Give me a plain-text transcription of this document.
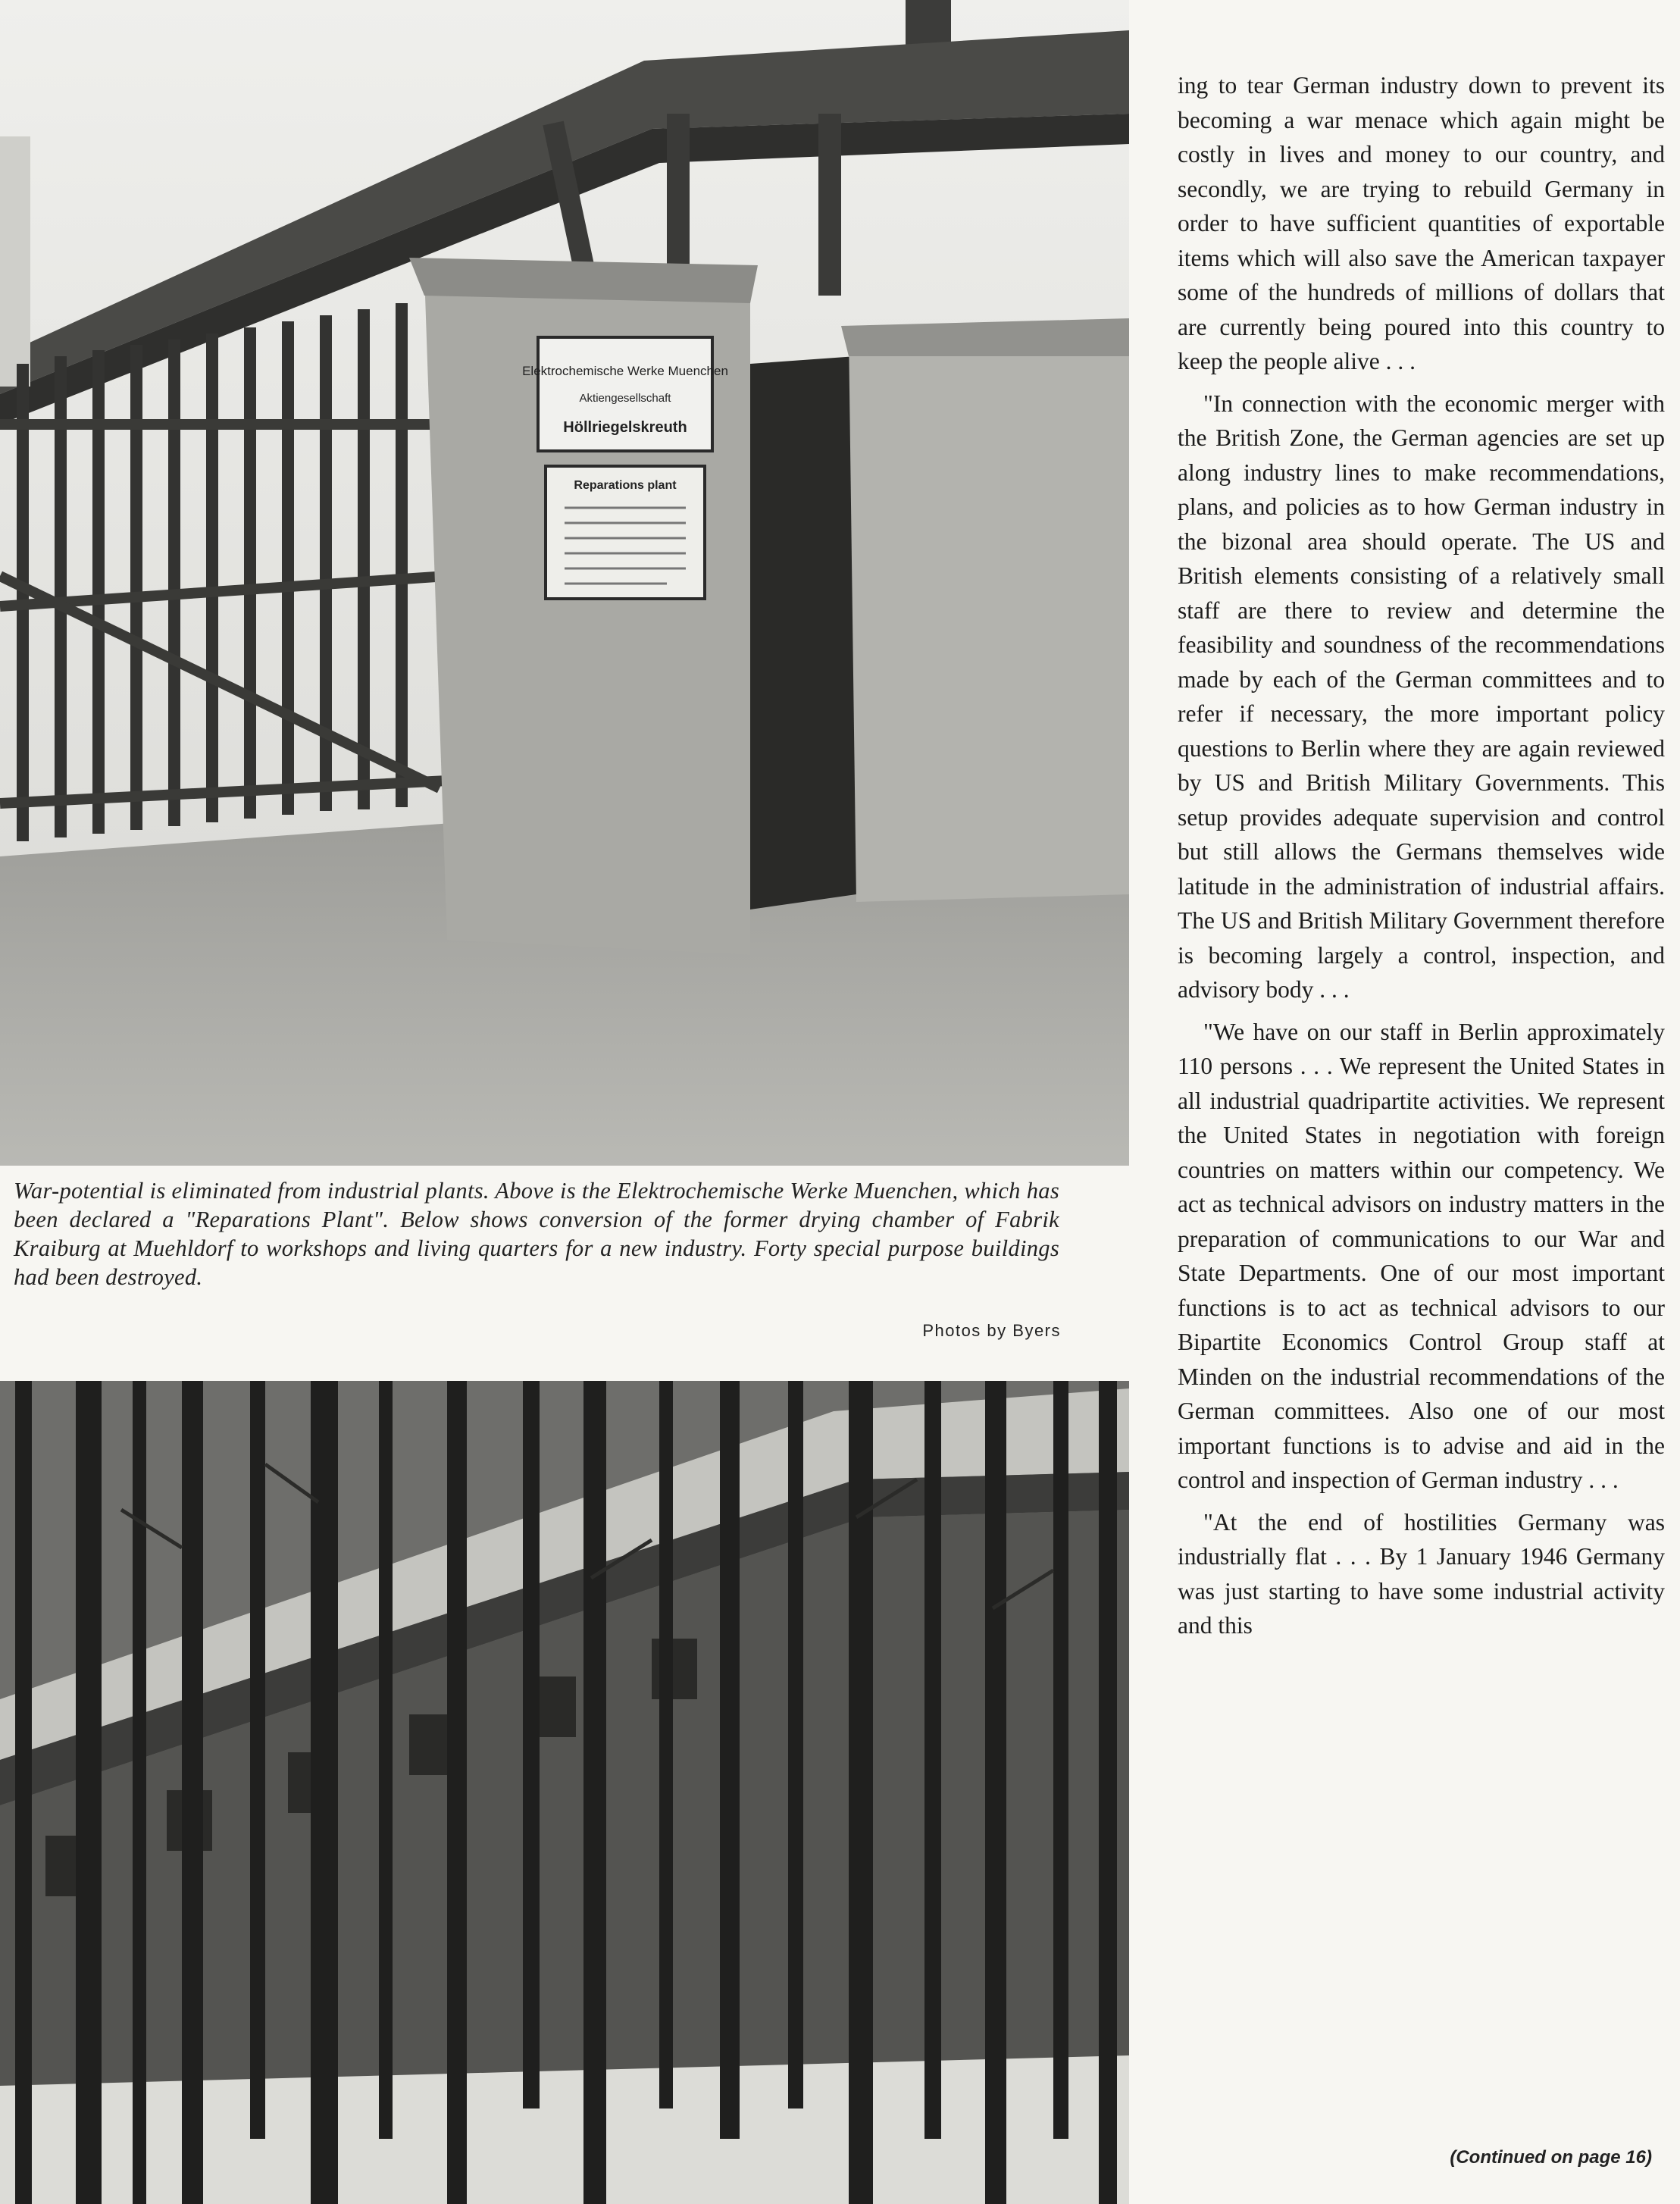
Elektrochemische Werke Muenchen
Aktiengesellschaft
Höllriegelskreuth
Reparations plant
War-potential is eliminated from industrial plants. Above is the Elektrochemische Werke Muenchen, which has been declared a "Reparations Plant". Below shows conversion of the former drying chamber of Fabrik Kraiburg at Muehldorf to workshops and living quarters for a new industry. Forty special purpose buildings had been destroyed.
Photos by Byers

ing to tear German industry down to prevent its becoming a war menace which again might be costly in lives and money to our country, and secondly, we are trying to rebuild Germany in order to have sufficient quantities of exportable items which will also save the American taxpayer some of the hundreds of millions of dollars that are currently being poured into this country to keep the people alive . . .

"In connection with the economic merger with the British Zone, the German agencies are set up along industry lines to make recommendations, plans, and policies as to how German industry in the bizonal area should operate. The US and British elements consisting of a relatively small staff are there to review and determine the feasibility and soundness of the recommendations made by each of the German committees and to refer if necessary, the more important policy questions to Berlin where they are again reviewed by US and British Military Governments. This setup provides adequate supervision and control but still allows the Germans themselves wide latitude in the administration of industrial affairs. The US and British Military Government therefore is becoming largely a control, inspection, and advisory body . . .

"We have on our staff in Berlin approximately 110 persons . . . We represent the United States in all industrial quadripartite activities. We represent the United States in negotiation with foreign countries on matters within our competency. We act as technical advisors on industry matters in the preparation of communications to our War and State Departments. One of our most important functions is to act as technical advisors to our Bipartite Economics Control Group staff at Minden on the industrial recommendations of the German committees. Also one of our most important functions is to advise and aid in the control and inspection of German industry . . .

"At the end of hostilities Germany was industrially flat . . . By 1 January 1946 Germany was just starting to have some industrial activity and this

(Continued on page 16)
